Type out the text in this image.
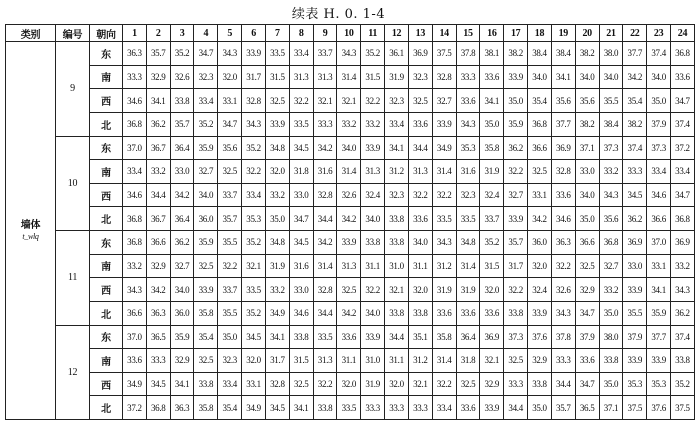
续表 H. 0. 1-4
类别	编号	朝向	1	2	3	4	5	6	7	8	9	10	11	12	13	14	15	16	17	18	19	20	21	22	23	24
墙体
t_wlq	9	东	36.3	35.7	35.2	34.7	34.3	33.9	33.5	33.4	33.7	34.3	35.2	36.1	36.9	37.5	37.8	38.1	38.2	38.4	38.4	38.2	38.0	37.7	37.4	36.8
		南	33.3	32.9	32.6	32.3	32.0	31.7	31.5	31.3	31.3	31.4	31.5	31.9	32.3	32.8	33.3	33.6	33.9	34.0	34.1	34.0	34.0	34.2	34.0	33.6
		西	34.6	34.1	33.8	33.4	33.1	32.8	32.5	32.2	32.1	32.1	32.2	32.3	32.5	32.7	33.6	34.1	35.0	35.4	35.6	35.6	35.5	35.4	35.0	34.7
		北	36.8	36.2	35.7	35.2	34.7	34.3	33.9	33.5	33.3	33.2	33.2	33.4	33.6	33.9	34.3	35.0	35.9	36.8	37.7	38.2	38.4	38.2	37.9	37.4
	10	东	37.0	36.7	36.4	35.9	35.6	35.2	34.8	34.5	34.2	34.0	33.9	34.1	34.4	34.9	35.3	35.8	36.2	36.6	36.9	37.1	37.3	37.4	37.3	37.2
		南	33.4	33.2	33.0	32.7	32.5	32.2	32.0	31.8	31.6	31.4	31.3	31.2	31.3	31.4	31.6	31.9	32.2	32.5	32.8	33.0	33.2	33.3	33.4	33.4
		西	34.6	34.4	34.2	34.0	33.7	33.4	33.2	33.0	32.8	32.6	32.4	32.3	32.2	32.2	32.3	32.4	32.7	33.1	33.6	34.0	34.3	34.5	34.6	34.7
		北	36.8	36.7	36.4	36.0	35.7	35.3	35.0	34.7	34.4	34.2	34.0	33.8	33.6	33.5	33.5	33.7	33.9	34.2	34.6	35.0	35.6	36.2	36.6	36.8
	11	东	36.8	36.6	36.2	35.9	35.5	35.2	34.8	34.5	34.2	33.9	33.8	33.8	34.0	34.3	34.8	35.2	35.7	36.0	36.3	36.6	36.8	36.9	37.0	36.9
		南	33.2	32.9	32.7	32.5	32.2	32.1	31.9	31.6	31.4	31.3	31.1	31.0	31.1	31.2	31.4	31.5	31.7	32.0	32.2	32.5	32.7	33.0	33.1	33.2
		西	34.3	34.2	34.0	33.9	33.7	33.5	33.2	33.0	32.8	32.5	32.2	32.1	32.0	31.9	31.9	32.0	32.2	32.4	32.6	32.9	33.2	33.9	34.1	34.3
		北	36.6	36.3	36.0	35.8	35.5	35.2	34.9	34.6	34.4	34.2	34.0	33.8	33.8	33.6	33.6	33.6	33.8	33.9	34.3	34.7	35.0	35.5	35.9	36.2
	12	东	37.0	36.5	35.9	35.4	35.0	34.5	34.1	33.8	33.5	33.6	33.9	34.4	35.1	35.8	36.4	36.9	37.3	37.6	37.8	37.9	38.0	37.9	37.7	37.4
		南	33.6	33.3	32.9	32.5	32.3	32.0	31.7	31.5	31.3	31.1	31.0	31.1	31.2	31.4	31.8	32.1	32.5	32.9	33.3	33.6	33.8	33.9	33.9	33.8
		西	34.9	34.5	34.1	33.8	33.4	33.1	32.8	32.5	32.2	32.0	31.9	32.0	32.1	32.2	32.5	32.9	33.3	33.8	34.4	34.7	35.0	35.3	35.3	35.2
		北	37.2	36.8	36.3	35.8	35.4	34.9	34.5	34.1	33.8	33.5	33.3	33.3	33.3	33.4	33.6	33.9	34.4	35.0	35.7	36.5	37.1	37.5	37.6	37.5
